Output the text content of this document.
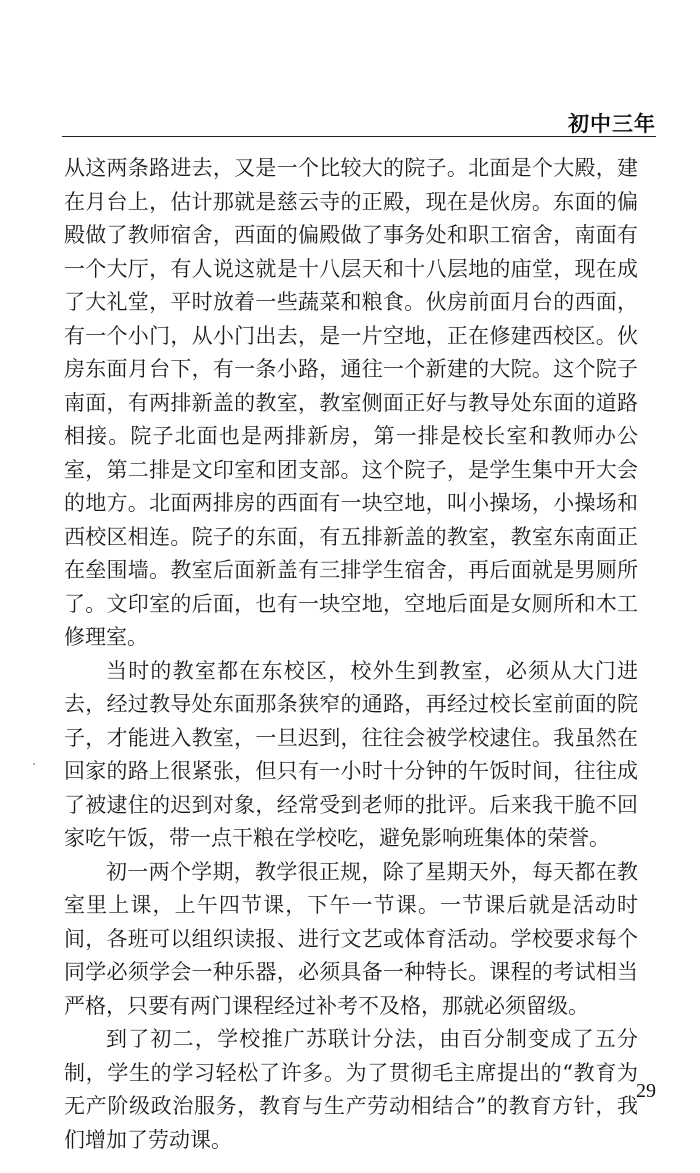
初中三年

从这两条路进去，又是一个比较大的院子。北面是个大殿，建在月台上，估计那就是慈云寺的正殿，现在是伙房。东面的偏殿做了教师宿舍，西面的偏殿做了事务处和职工宿舍，南面有一个大厅，有人说这就是十八层天和十八层地的庙堂，现在成了大礼堂，平时放着一些蔬菜和粮食。伙房前面月台的西面，有一个小门，从小门出去，是一片空地，正在修建西校区。伙房东面月台下，有一条小路，通往一个新建的大院。这个院子南面，有两排新盖的教室，教室侧面正好与教导处东面的道路相接。院子北面也是两排新房，第一排是校长室和教师办公室，第二排是文印室和团支部。这个院子，是学生集中开大会的地方。北面两排房的西面有一块空地，叫小操场，小操场和西校区相连。院子的东面，有五排新盖的教室，教室东南面正在垒围墙。教室后面新盖有三排学生宿舍，再后面就是男厕所了。文印室的后面，也有一块空地，空地后面是女厕所和木工修理室。

当时的教室都在东校区，校外生到教室，必须从大门进去，经过教导处东面那条狭窄的通路，再经过校长室前面的院子，才能进入教室，一旦迟到，往往会被学校逮住。我虽然在回家的路上很紧张，但只有一小时十分钟的午饭时间，往往成了被逮住的迟到对象，经常受到老师的批评。后来我干脆不回家吃午饭，带一点干粮在学校吃，避免影响班集体的荣誉。

初一两个学期，教学很正规，除了星期天外，每天都在教室里上课，上午四节课，下午一节课。一节课后就是活动时间，各班可以组织读报、进行文艺或体育活动。学校要求每个同学必须学会一种乐器，必须具备一种特长。课程的考试相当严格，只要有两门课程经过补考不及格，那就必须留级。

到了初二，学校推广苏联计分法，由百分制变成了五分制，学生的学习轻松了许多。为了贯彻毛主席提出的“教育为无产阶级政治服务，教育与生产劳动相结合”的教育方针，我们增加了劳动课。

29
